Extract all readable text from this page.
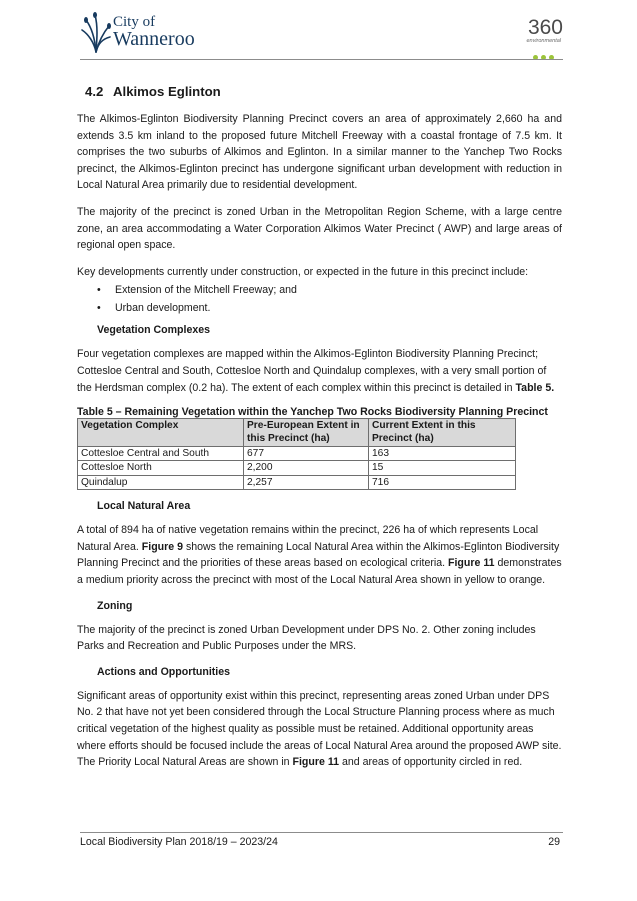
City of
Wanneroo	360
environmental
4.2 Alkimos Eglinton

The Alkimos-Eglinton Biodiversity Planning Precinct covers an area of approximately 2,660 ha and extends 3.5 km inland to the proposed future Mitchell Freeway with a coastal frontage of 7.5 km. It comprises the two suburbs of Alkimos and Eglinton. In a similar manner to the Yanchep Two Rocks precinct, the Alkimos-Eglinton precinct has undergone significant urban development with reduction in Local Natural Area primarily due to residential development.

The majority of the precinct is zoned Urban in the Metropolitan Region Scheme, with a large centre zone, an area accommodating a Water Corporation Alkimos Water Precinct ( AWP) and large areas of regional open space.

Key developments currently under construction, or expected in the future in this precinct include:

• Extension of the Mitchell Freeway; and
• Urban development.
Vegetation Complexes

Four vegetation complexes are mapped within the Alkimos-Eglinton Biodiversity Planning Precinct; Cottesloe Central and South, Cottesloe North and Quindalup complexes, with a very small portion of the Herdsman complex (0.2 ha). The extent of each complex within this precinct is detailed in Table 5.

Table 5 – Remaining Vegetation within the Yanchep Two Rocks Biodiversity Planning Precinct
Vegetation Complex	Pre-European Extent in this Precinct (ha)	Current Extent in this Precinct (ha)
Cottesloe Central and South	677	163
Cottesloe North	2,200	15
Quindalup	2,257	716
Local Natural Area

A total of 894 ha of native vegetation remains within the precinct, 226 ha of which represents Local Natural Area. Figure 9 shows the remaining Local Natural Area within the Alkimos-Eglinton Biodiversity Planning Precinct and the priorities of these areas based on ecological criteria. Figure 11 demonstrates a medium priority across the precinct with most of the Local Natural Area shown in yellow to orange.

Zoning

The majority of the precinct is zoned Urban Development under DPS No. 2. Other zoning includes Parks and Recreation and Public Purposes under the MRS.

Actions and Opportunities

Significant areas of opportunity exist within this precinct, representing areas zoned Urban under DPS No. 2 that have not yet been considered through the Local Structure Planning process where as much critical vegetation of the highest quality as possible must be retained. Additional opportunity areas where efforts should be focused include the areas of Local Natural Area around the proposed AWP site. The Priority Local Natural Areas are shown in Figure 11 and areas of opportunity circled in red.

Local Biodiversity Plan 2018/19 – 2023/24	29
